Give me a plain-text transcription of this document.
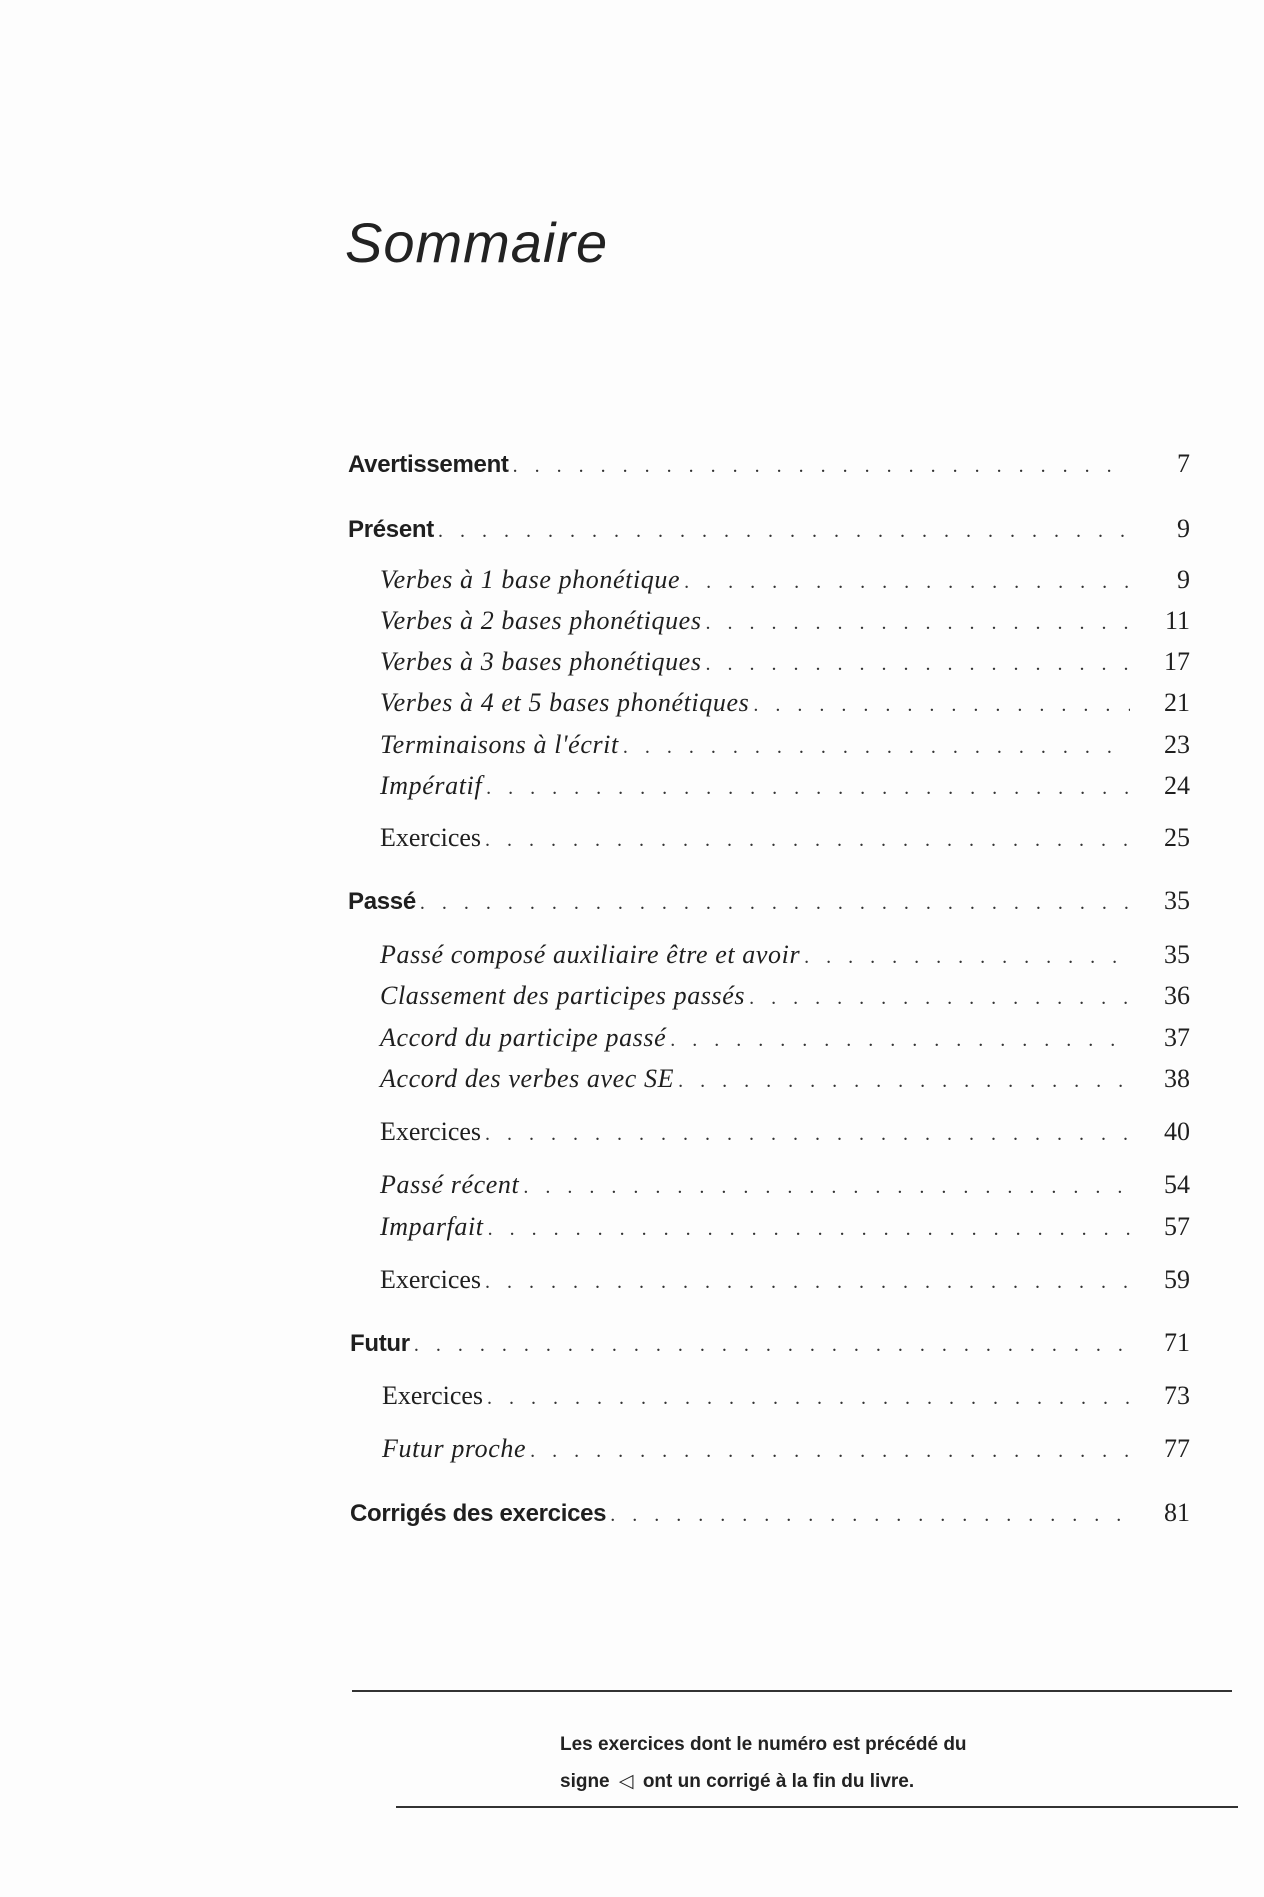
Sommaire
Avertissement . . .	7
Présent . . .	9
Verbes à 1 base phonétique . . .	9
Verbes à 2 bases phonétiques . . .	11
Verbes à 3 bases phonétiques . . .	17
Verbes à 4 et 5 bases phonétiques . . .	21
Terminaisons à l'écrit . . .	23
Impératif . . .	24
Exercices . . .	25
Passé . . .	35
Passé composé auxiliaire être et avoir . . .	35
Classement des participes passés . . .	36
Accord du participe passé . . .	37
Accord des verbes avec SE . . .	38
Exercices . . .	40
Passé récent . . .	54
Imparfait . . .	57
Exercices . . .	59
Futur . . .	71
Exercices . . .	73
Futur proche . . .	77
Corrigés des exercices . . .	81

Les exercices dont le numéro est précédé du

signe ◁ ont un corrigé à la fin du livre.
